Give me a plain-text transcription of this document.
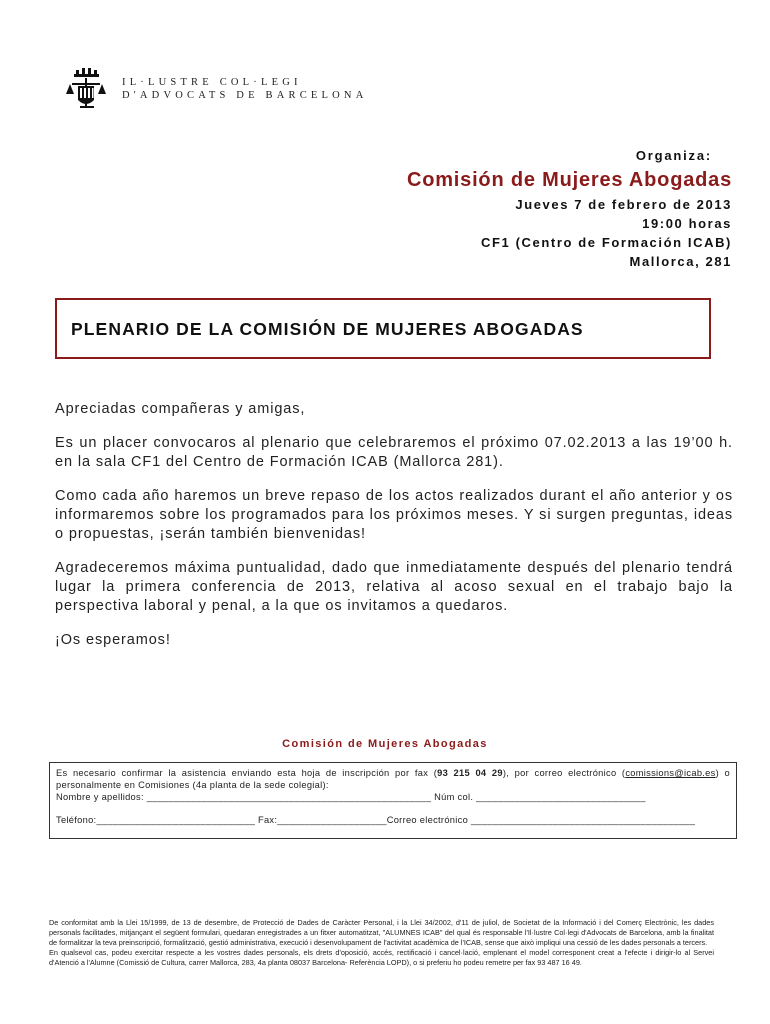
IL·LUSTRE COL·LEGI
D'ADVOCATS DE BARCELONA
Organiza:
Comisión de Mujeres Abogadas
Jueves 7 de febrero de 2013
19:00 horas
CF1 (Centro de Formación ICAB)
Mallorca, 281
PLENARIO DE LA COMISIÓN DE MUJERES ABOGADAS

Apreciadas compañeras y amigas,

Es un placer convocaros al plenario que celebraremos el próximo 07.02.2013 a las 19’00 h. en la sala CF1 del Centro de Formación ICAB (Mallorca 281).

Como cada año haremos un breve repaso de los actos realizados durant el año anterior y os informaremos sobre los programados para los próximos meses. Y si surgen preguntas, ideas o propuestas, ¡serán también bienvenidas!

Agradeceremos máxima puntualidad, dado que inmediatamente después del plenario tendrá lugar la primera conferencia de 2013, relativa al acoso sexual en el trabajo bajo la perspectiva laboral y penal, a la que os invitamos a quedaros.

¡Os esperamos!

Comisión de Mujeres Abogadas
Es necesario confirmar la asistencia enviando esta hoja de inscripción por fax (93 215 04 29), por correo electrónico (comissions@icab.es) o personalmente en Comisiones (4a planta de la sede colegial):
Nombre y apellidos: ____________________________________________________ Núm col. _______________________________
Teléfono:_____________________________ Fax:____________________Correo electrónico _________________________________________

De conformitat amb la Llei 15/1999, de 13 de desembre, de Protecció de Dades de Caràcter Personal, i la Llei 34/2002, d'11 de juliol, de Societat de la Informació i del Comerç Electrònic, les dades personals facilitades, mitjançant el següent formulari, quedaran enregistrades a un fitxer automatitzat, "ALUMNES ICAB" del qual és responsable l'Il·lustre Col·legi d'Advocats de Barcelona, amb la finalitat de formalitzar la teva preinscripció, formalització, gestió administrativa, execució i desenvolupament de l'activitat acadèmica de l'ICAB, sense que això impliqui una cessió de les dades personals a tercers.

En qualsevol cas, podeu exercitar respecte a les vostres dades personals, els drets d'oposició, accés, rectificació i cancel·lació, emplenant el model corresponent creat a l'efecte i dirigir-lo al Servei d'Atenció a l'Alumne (Comissió de Cultura, carrer Mallorca, 283, 4a planta 08037 Barcelona- Referència LOPD), o si preferiu ho podeu remetre per fax 93 487 16 49.
